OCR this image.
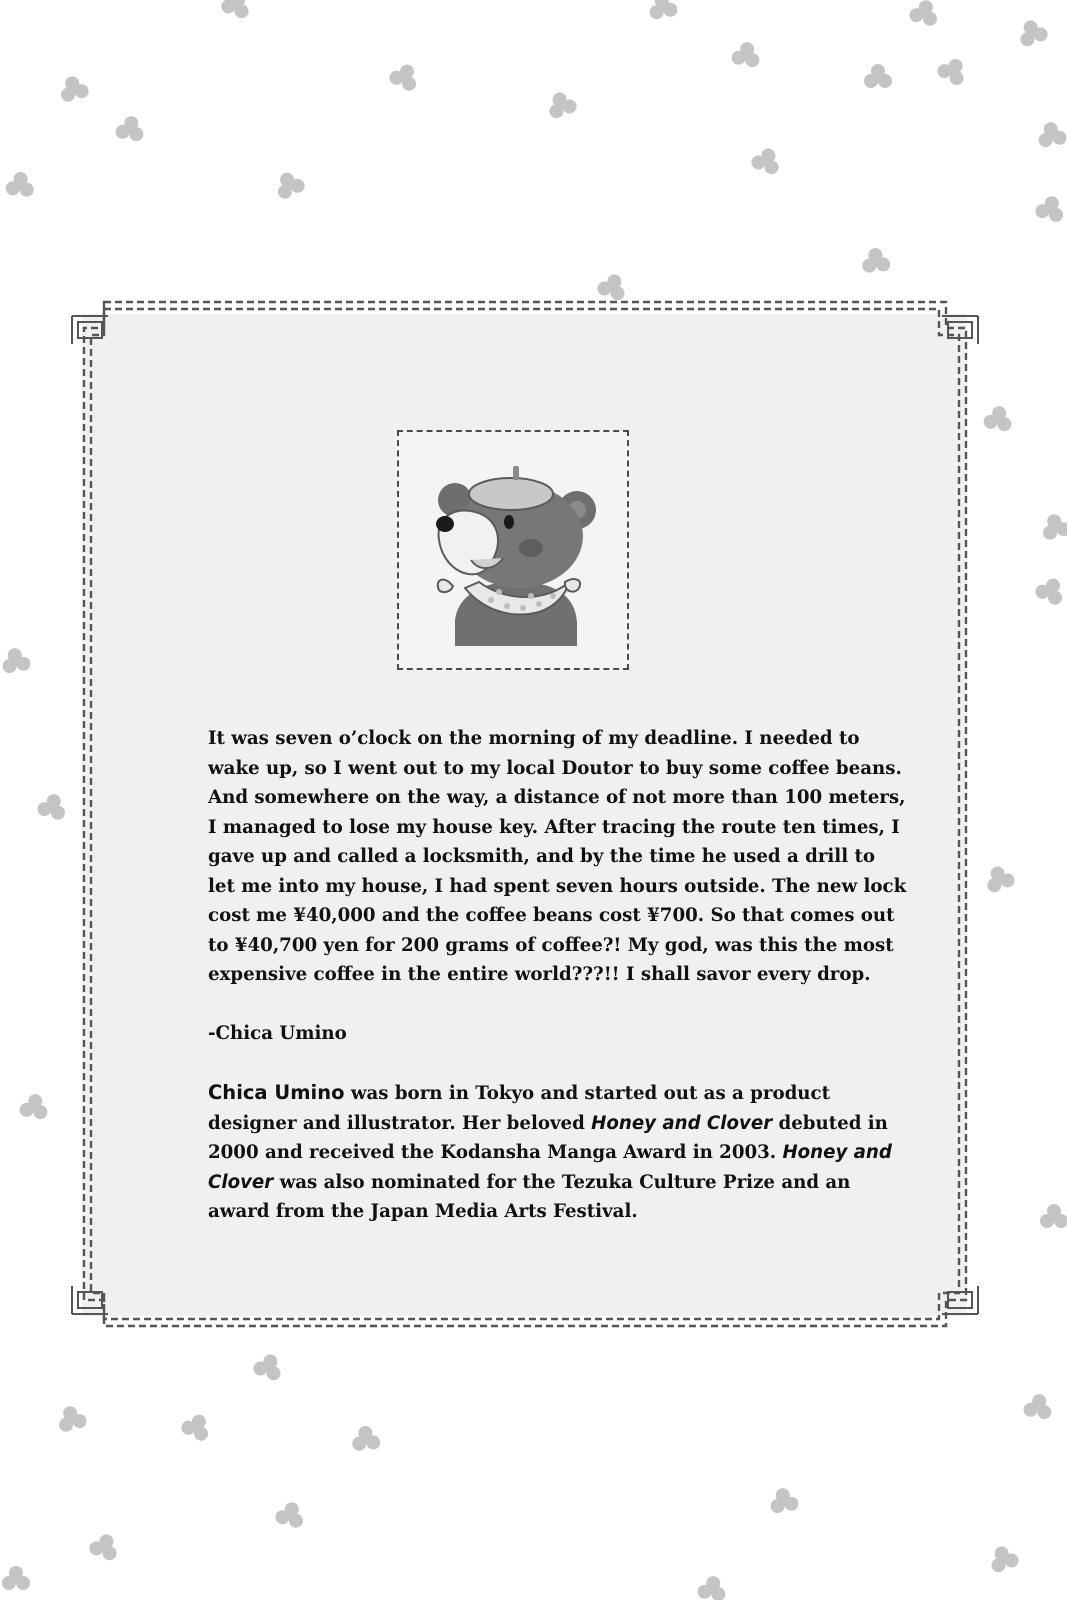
It was seven o’clock on the morning of my deadline. I needed to wake up, so I went out to my local Doutor to buy some coffee beans. And somewhere on the way, a distance of not more than 100 meters, I managed to lose my house key. After tracing the route ten times, I gave up and called a locksmith, and by the time he used a drill to let me into my house, I had spent seven hours outside. The new lock cost me ¥40,000 and the coffee beans cost ¥700. So that comes out to ¥40,700 yen for 200 grams of coffee?! My god, was this the most expensive coffee in the entire world???!! I shall savor every drop.

-Chica Umino

Chica Umino was born in Tokyo and started out as a product designer and illustrator. Her beloved Honey and Clover debuted in 2000 and received the Kodansha Manga Award in 2003. Honey and Clover was also nominated for the Tezuka Culture Prize and an award from the Japan Media Arts Festival.
